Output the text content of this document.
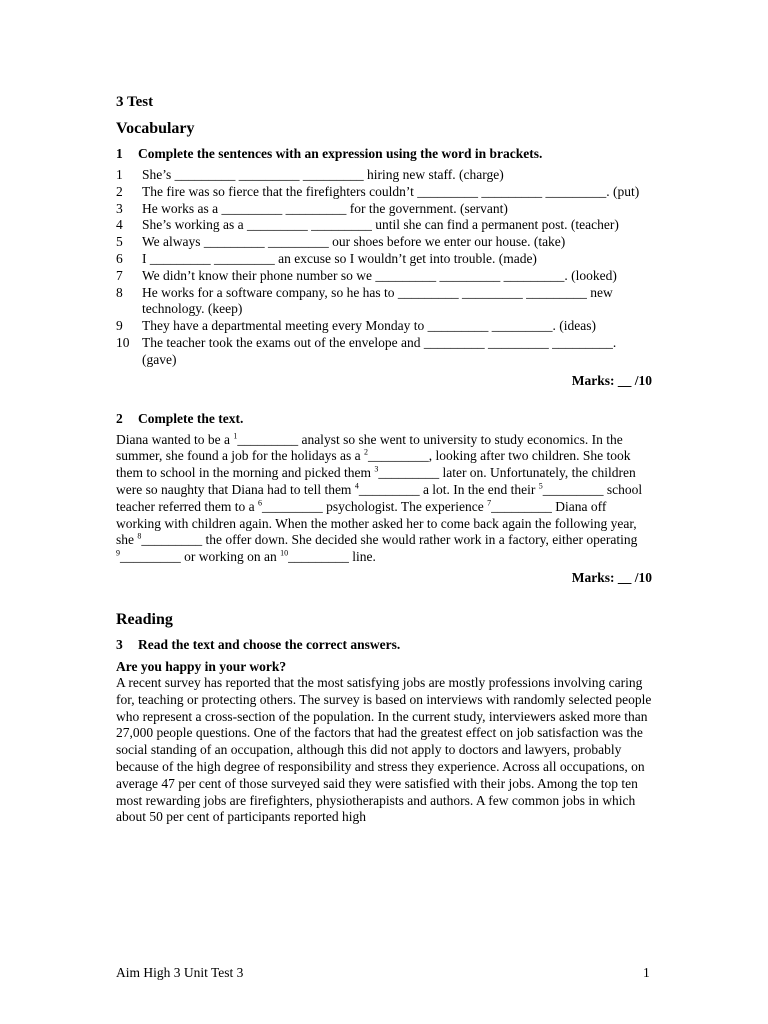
3 Test
Vocabulary
1 Complete the sentences with an expression using the word in brackets.
1	She’s _________ _________ _________ hiring new staff. (charge)
2	The fire was so fierce that the firefighters couldn’t _________ _________ _________. (put)
3	He works as a _________ _________ for the government. (servant)
4	She’s working as a _________ _________ until she can find a permanent post. (teacher)
5	We always _________ _________ our shoes before we enter our house. (take)
6	I _________ _________ an excuse so I wouldn’t get into trouble. (made)
7	We didn’t know their phone number so we _________ _________ _________. (looked)
8	He works for a software company, so he has to _________ _________ _________ new technology. (keep)
9	They have a departmental meeting every Monday to _________ _________. (ideas)
10 The teacher took the exams out of the envelope and _________ _________ _________. (gave)
Marks: __ /10
2 Complete the text.

Diana wanted to be a $^1$_________ analyst so she went to university to study economics. In the summer, she found a job for the holidays as a $^2$_________, looking after two children. She took them to school in the morning and picked them $^3$_________ later on. Unfortunately, the children were so naughty that Diana had to tell them $^4$_________ a lot. In the end their $^5$_________ school teacher referred them to a $^6$_________ psychologist. The experience $^7$_________ Diana off working with children again. When the mother asked her to come back again the following year, she $^8$_________ the offer down. She decided she would rather work in a factory, either operating $^9$_________ or working on an $^{10}$_________ line.

Marks: __ /10
Reading
3 Read the text and choose the correct answers.
Are you happy in your work?

A recent survey has reported that the most satisfying jobs are mostly professions involving caring for, teaching or protecting others. The survey is based on interviews with randomly selected people who represent a cross-section of the population. In the current study, interviewers asked more than 27,000 people questions. One of the factors that had the greatest effect on job satisfaction was the social standing of an occupation, although this did not apply to doctors and lawyers, probably because of the high degree of responsibility and stress they experience. Across all occupations, on average 47 per cent of those surveyed said they were satisfied with their jobs. Among the top ten most rewarding jobs are firefighters, physiotherapists and authors. A few common jobs in which about 50 per cent of participants reported high

Aim High 3 Unit Test 3	1
